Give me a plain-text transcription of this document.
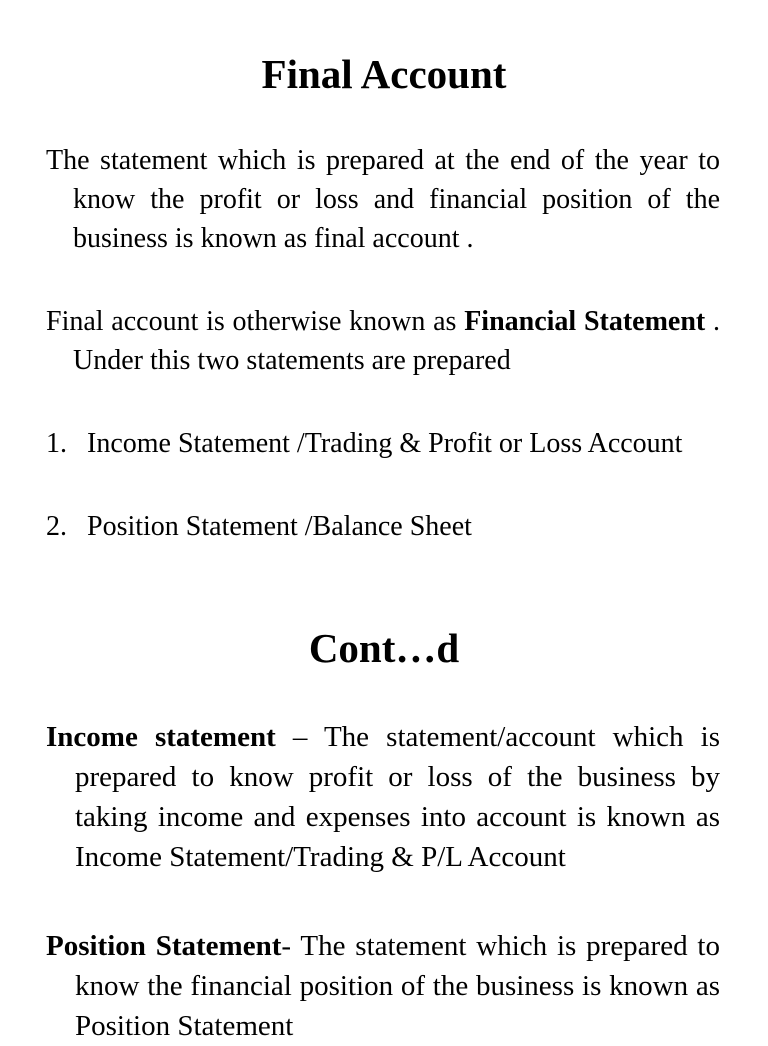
Final Account

The statement which is prepared at the end of the year to know the profit or loss and financial position of the business is known as final account .

Final account is otherwise known as Financial Statement . Under this two statements are prepared

1. Income Statement /Trading & Profit or Loss Account
2. Position Statement /Balance Sheet
Cont…d

Income statement – The statement/account which is prepared to know profit or loss of the business by taking income and expenses into account is known as Income Statement/Trading & P/L Account

Position Statement- The statement which is prepared to know the financial position of the business is known as Position Statement
